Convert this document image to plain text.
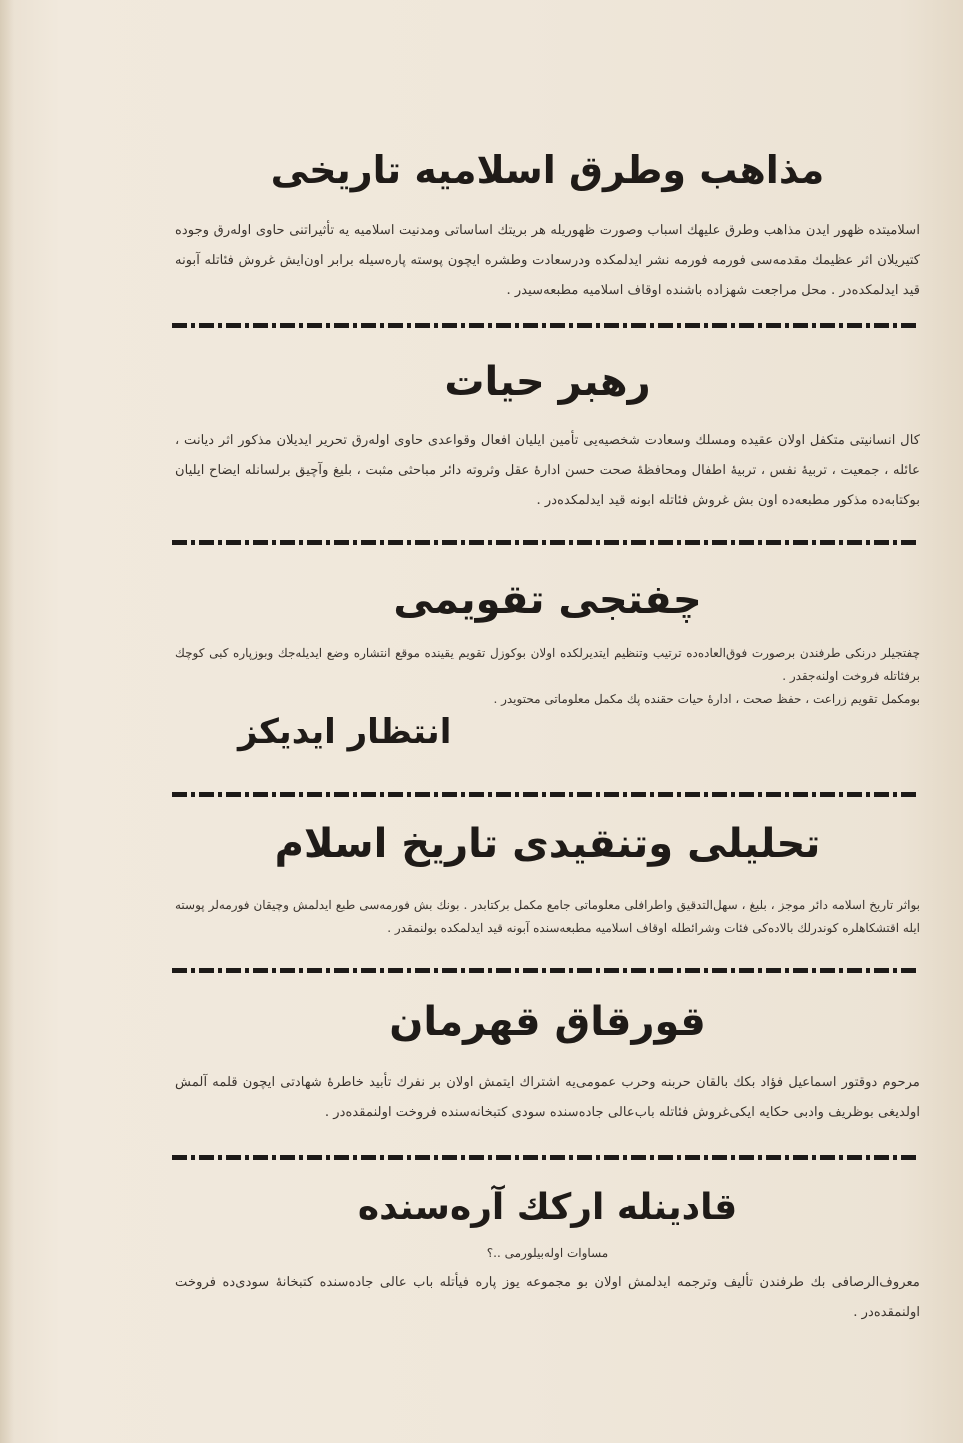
مذاهب وطرق اسلامیه تاریخی
اسلامیتده ظهور ایدن مذاهب وطرق علیهك اسباب وصورت ظهوریله هر بریتك اساساتی ومدنیت اسلامیه یه تأثیراتنی حاوی اوله‌رق وجوده کتیریلان اثر عظیمك مقدمه‌سی فورمه فورمه نشر ایدلمکده ودرسعادت وطشره ایچون پوسته پاره‌سیله برابر اون‌ایش غروش فئاتله آبونه قید ایدلمکده‌در . محل مراجعت شهزاده باشنده اوقاف اسلامیه مطبعه‌سیدر .
رهبر حیات
کال انسانیتی متکفل اولان عقیده ومسلك وسعادت شخصیه‌یی تأمین ایلیان افعال وقواعدی حاوی اوله‌رق تحریر ایدیلان مذکور اثر دیانت ، عائله ، جمعیت ، تربیهٔ نفس ، تربیهٔ اطفال ومحافظهٔ صحت حسن ادارهٔ عقل وثروته دائر مباحثی مثبت ، بلیغ وآچیق برلسانله ایضاح ایلیان بوکتابه‌ده مذکور مطبعه‌ده اون بش غروش فئاتله ابونه قید ایدلمکده‌در .
چفتجی تقویمی
چفتجیلر درنکی طرفندن برصورت فوق‌العاده‌ده ترتیب وتنظیم ایتدیرلکده اولان بوکوزل تقویم یقینده موقع انتشاره وضع ایدیله‌جك وبوزپاره کبی کوچك برفئاتله فروخت اولنه‌جقدر .
بومکمل تقویم زراعت ، حفظ صحت ، ادارهٔ حیات حقنده پك مکمل معلوماتی محتویدر .
انتظار ایدیکز
تحلیلی وتنقیدی تاریخ اسلام
بواثر تاریخ اسلامه دائر موجز ، بلیغ ، سهل‌التدقیق واطرافلی معلوماتی جامع مکمل برکتابدر . بونك بش فورمه‌سی طبع ایدلمش وچیقان فورمه‌لر پوسته ایله اقتشکاهلره کوندرلك بالاده‌کی فئات وشرائطله اوقاف اسلامیه مطبعه‌سنده آبونه قید ایدلمکده بولنمقدر .
قورقاق قهرمان
مرحوم دوقتور اسماعیل فؤاد بکك بالقان حربنه وحرب عمومی‌یه اشتراك ایتمش اولان بر نفرك تأبید خاطرهٔ شهادتی ایچون قلمه آلمش اولدیغی بوظریف وادبی حکایه ایکی‌غروش فئاتله باب‌عالی جاده‌سنده سودی کتبخانه‌سنده فروخت اولنمقده‌در .
قادینله ارکك آره‌سنده
مساوات اوله‌بیلورمی ..؟
معروف‌الرصافی بك طرفندن تألیف وترجمه ایدلمش اولان بو مجموعه یوز پاره فیأتله باب عالی جاده‌سنده کتبخانهٔ سودی‌ده فروخت اولنمقده‌در .
